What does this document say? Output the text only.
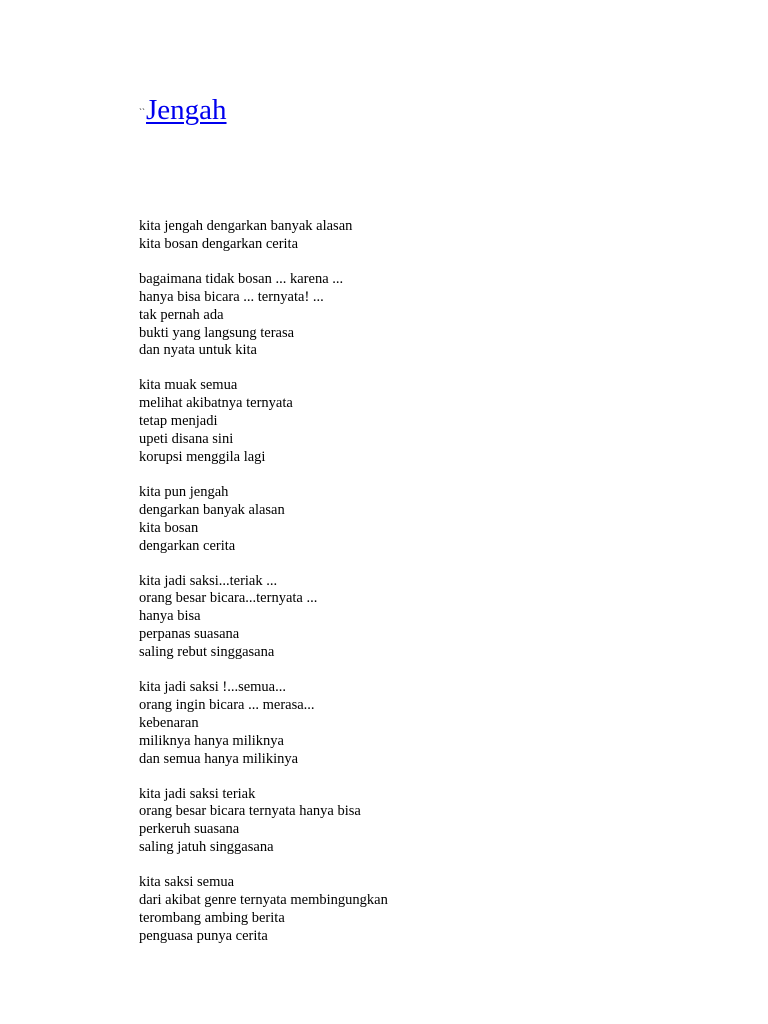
`` Jengah
kita jengah dengarkan banyak alasan
kita bosan dengarkan cerita
bagaimana tidak bosan ... karena ...
hanya bisa bicara ... ternyata! ...
tak pernah ada
bukti yang langsung terasa
dan nyata untuk kita
kita muak semua
melihat akibatnya ternyata
tetap menjadi
upeti disana sini
korupsi menggila lagi
kita pun jengah
dengarkan banyak alasan
kita bosan
dengarkan cerita
kita jadi saksi...teriak ...
orang besar bicara...ternyata ...
hanya bisa
perpanas suasana
saling rebut singgasana
kita jadi saksi !...semua...
orang ingin bicara ... merasa...
kebenaran
miliknya hanya miliknya
dan semua hanya milikinya
kita jadi saksi teriak
orang besar bicara ternyata hanya bisa
perkeruh suasana
saling jatuh singgasana
kita saksi semua
dari akibat genre ternyata membingungkan
terombang ambing berita
penguasa punya cerita
